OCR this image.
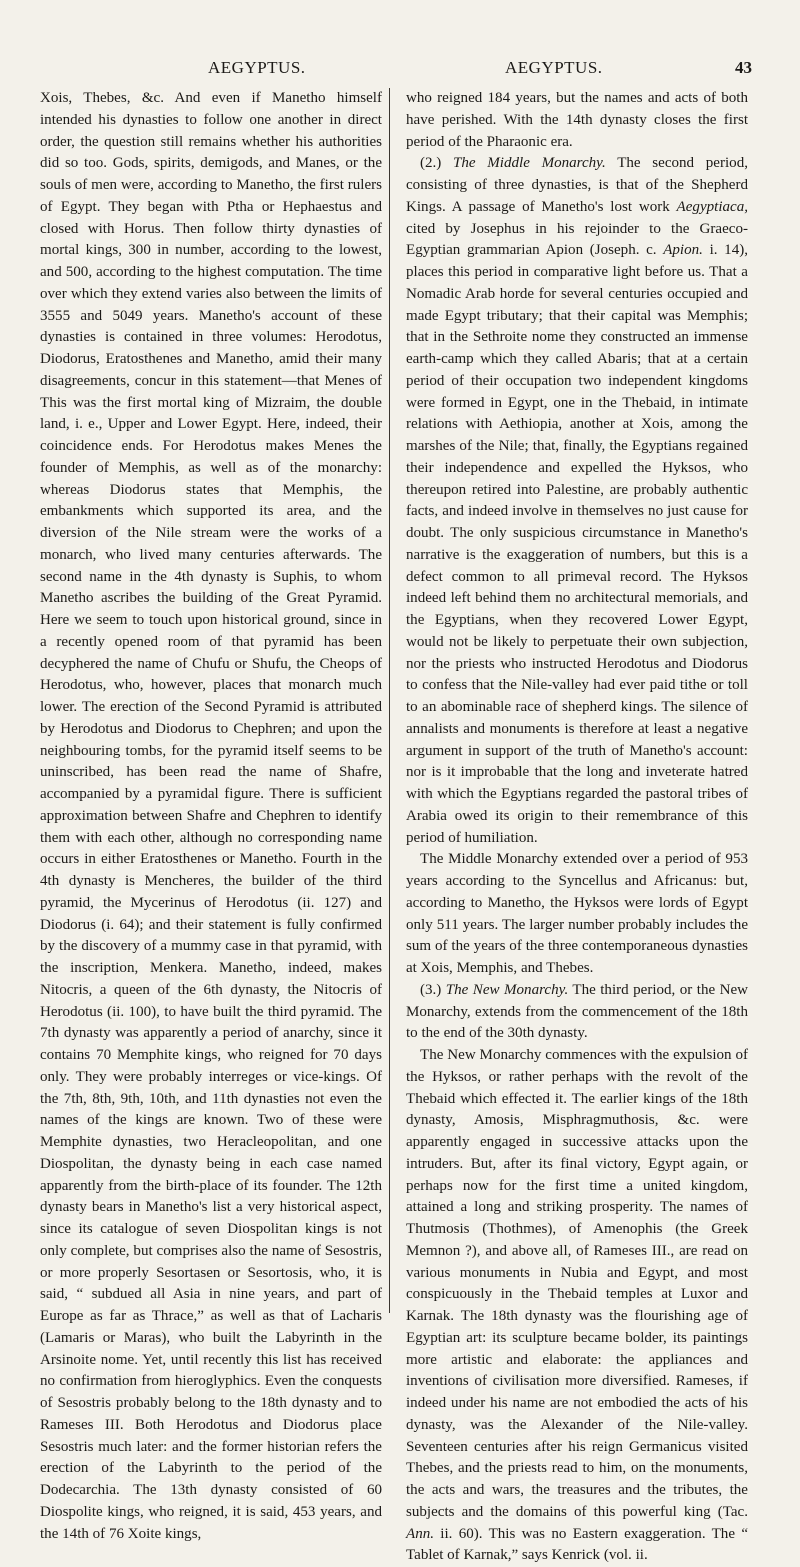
AEGYPTUS.	AEGYPTUS.	43

Xois, Thebes, &c. And even if Manetho himself intended his dynasties to follow one another in direct order, the question still remains whether his authorities did so too. Gods, spirits, demigods, and Manes, or the souls of men were, according to Manetho, the first rulers of Egypt. They began with Ptha or Hephaestus and closed with Horus. Then follow thirty dynasties of mortal kings, 300 in number, according to the lowest, and 500, according to the highest computation. The time over which they extend varies also between the limits of 3555 and 5049 years. Manetho's account of these dynasties is contained in three volumes: Herodotus, Diodorus, Eratosthenes and Manetho, amid their many disagreements, concur in this statement—that Menes of This was the first mortal king of Mizraim, the double land, i. e., Upper and Lower Egypt. Here, indeed, their coincidence ends. For Herodotus makes Menes the founder of Memphis, as well as of the monarchy: whereas Diodorus states that Memphis, the embankments which supported its area, and the diversion of the Nile stream were the works of a monarch, who lived many centuries afterwards. The second name in the 4th dynasty is Suphis, to whom Manetho ascribes the building of the Great Pyramid. Here we seem to touch upon historical ground, since in a recently opened room of that pyramid has been decyphered the name of Chufu or Shufu, the Cheops of Herodotus, who, however, places that monarch much lower. The erection of the Second Pyramid is attributed by Herodotus and Diodorus to Chephren; and upon the neighbouring tombs, for the pyramid itself seems to be uninscribed, has been read the name of Shafre, accompanied by a pyramidal figure. There is sufficient approximation between Shafre and Chephren to identify them with each other, although no corresponding name occurs in either Eratosthenes or Manetho. Fourth in the 4th dynasty is Mencheres, the builder of the third pyramid, the Mycerinus of Herodotus (ii. 127) and Diodorus (i. 64); and their statement is fully confirmed by the discovery of a mummy case in that pyramid, with the inscription, Menkera. Manetho, indeed, makes Nitocris, a queen of the 6th dynasty, the Nitocris of Herodotus (ii. 100), to have built the third pyramid. The 7th dynasty was apparently a period of anarchy, since it contains 70 Memphite kings, who reigned for 70 days only. They were probably interreges or vice-kings. Of the 7th, 8th, 9th, 10th, and 11th dynasties not even the names of the kings are known. Two of these were Memphite dynasties, two Heracleopolitan, and one Diospolitan, the dynasty being in each case named apparently from the birth-place of its founder. The 12th dynasty bears in Manetho's list a very historical aspect, since its catalogue of seven Diospolitan kings is not only complete, but comprises also the name of Sesostris, or more properly Sesortasen or Sesortosis, who, it is said, “ subdued all Asia in nine years, and part of Europe as far as Thrace,” as well as that of Lacharis (Lamaris or Maras), who built the Labyrinth in the Arsinoite nome. Yet, until recently this list has received no confirmation from hieroglyphics. Even the conquests of Sesostris probably belong to the 18th dynasty and to Rameses III. Both Herodotus and Diodorus place Sesostris much later: and the former historian refers the erection of the Labyrinth to the period of the Dodecarchia. The 13th dynasty consisted of 60 Diospolite kings, who reigned, it is said, 453 years, and the 14th of 76 Xoite kings,

who reigned 184 years, but the names and acts of both have perished. With the 14th dynasty closes the first period of the Pharaonic era.

(2.) The Middle Monarchy. The second period, consisting of three dynasties, is that of the Shepherd Kings. A passage of Manetho's lost work Aegyptiaca, cited by Josephus in his rejoinder to the Graeco-Egyptian grammarian Apion (Joseph. c. Apion. i. 14), places this period in comparative light before us. That a Nomadic Arab horde for several centuries occupied and made Egypt tributary; that their capital was Memphis; that in the Sethroite nome they constructed an immense earth-camp which they called Abaris; that at a certain period of their occupation two independent kingdoms were formed in Egypt, one in the Thebaid, in intimate relations with Aethiopia, another at Xois, among the marshes of the Nile; that, finally, the Egyptians regained their independence and expelled the Hyksos, who thereupon retired into Palestine, are probably authentic facts, and indeed involve in themselves no just cause for doubt. The only suspicious circumstance in Manetho's narrative is the exaggeration of numbers, but this is a defect common to all primeval record. The Hyksos indeed left behind them no architectural memorials, and the Egyptians, when they recovered Lower Egypt, would not be likely to perpetuate their own subjection, nor the priests who instructed Herodotus and Diodorus to confess that the Nile-valley had ever paid tithe or toll to an abominable race of shepherd kings. The silence of annalists and monuments is therefore at least a negative argument in support of the truth of Manetho's account: nor is it improbable that the long and inveterate hatred with which the Egyptians regarded the pastoral tribes of Arabia owed its origin to their remembrance of this period of humiliation.

The Middle Monarchy extended over a period of 953 years according to the Syncellus and Africanus: but, according to Manetho, the Hyksos were lords of Egypt only 511 years. The larger number probably includes the sum of the years of the three contemporaneous dynasties at Xois, Memphis, and Thebes.

(3.) The New Monarchy. The third period, or the New Monarchy, extends from the commencement of the 18th to the end of the 30th dynasty.

The New Monarchy commences with the expulsion of the Hyksos, or rather perhaps with the revolt of the Thebaid which effected it. The earlier kings of the 18th dynasty, Amosis, Misphragmuthosis, &c. were apparently engaged in successive attacks upon the intruders. But, after its final victory, Egypt again, or perhaps now for the first time a united kingdom, attained a long and striking prosperity. The names of Thutmosis (Thothmes), of Amenophis (the Greek Memnon ?), and above all, of Rameses III., are read on various monuments in Nubia and Egypt, and most conspicuously in the Thebaid temples at Luxor and Karnak. The 18th dynasty was the flourishing age of Egyptian art: its sculpture became bolder, its paintings more artistic and elaborate: the appliances and inventions of civilisation more diversified. Rameses, if indeed under his name are not embodied the acts of his dynasty, was the Alexander of the Nile-valley. Seventeen centuries after his reign Germanicus visited Thebes, and the priests read to him, on the monuments, the acts and wars, the treasures and the tributes, the subjects and the domains of this powerful king (Tac. Ann. ii. 60). This was no Eastern exaggeration. The “ Tablet of Karnak,” says Kenrick (vol. ii.
